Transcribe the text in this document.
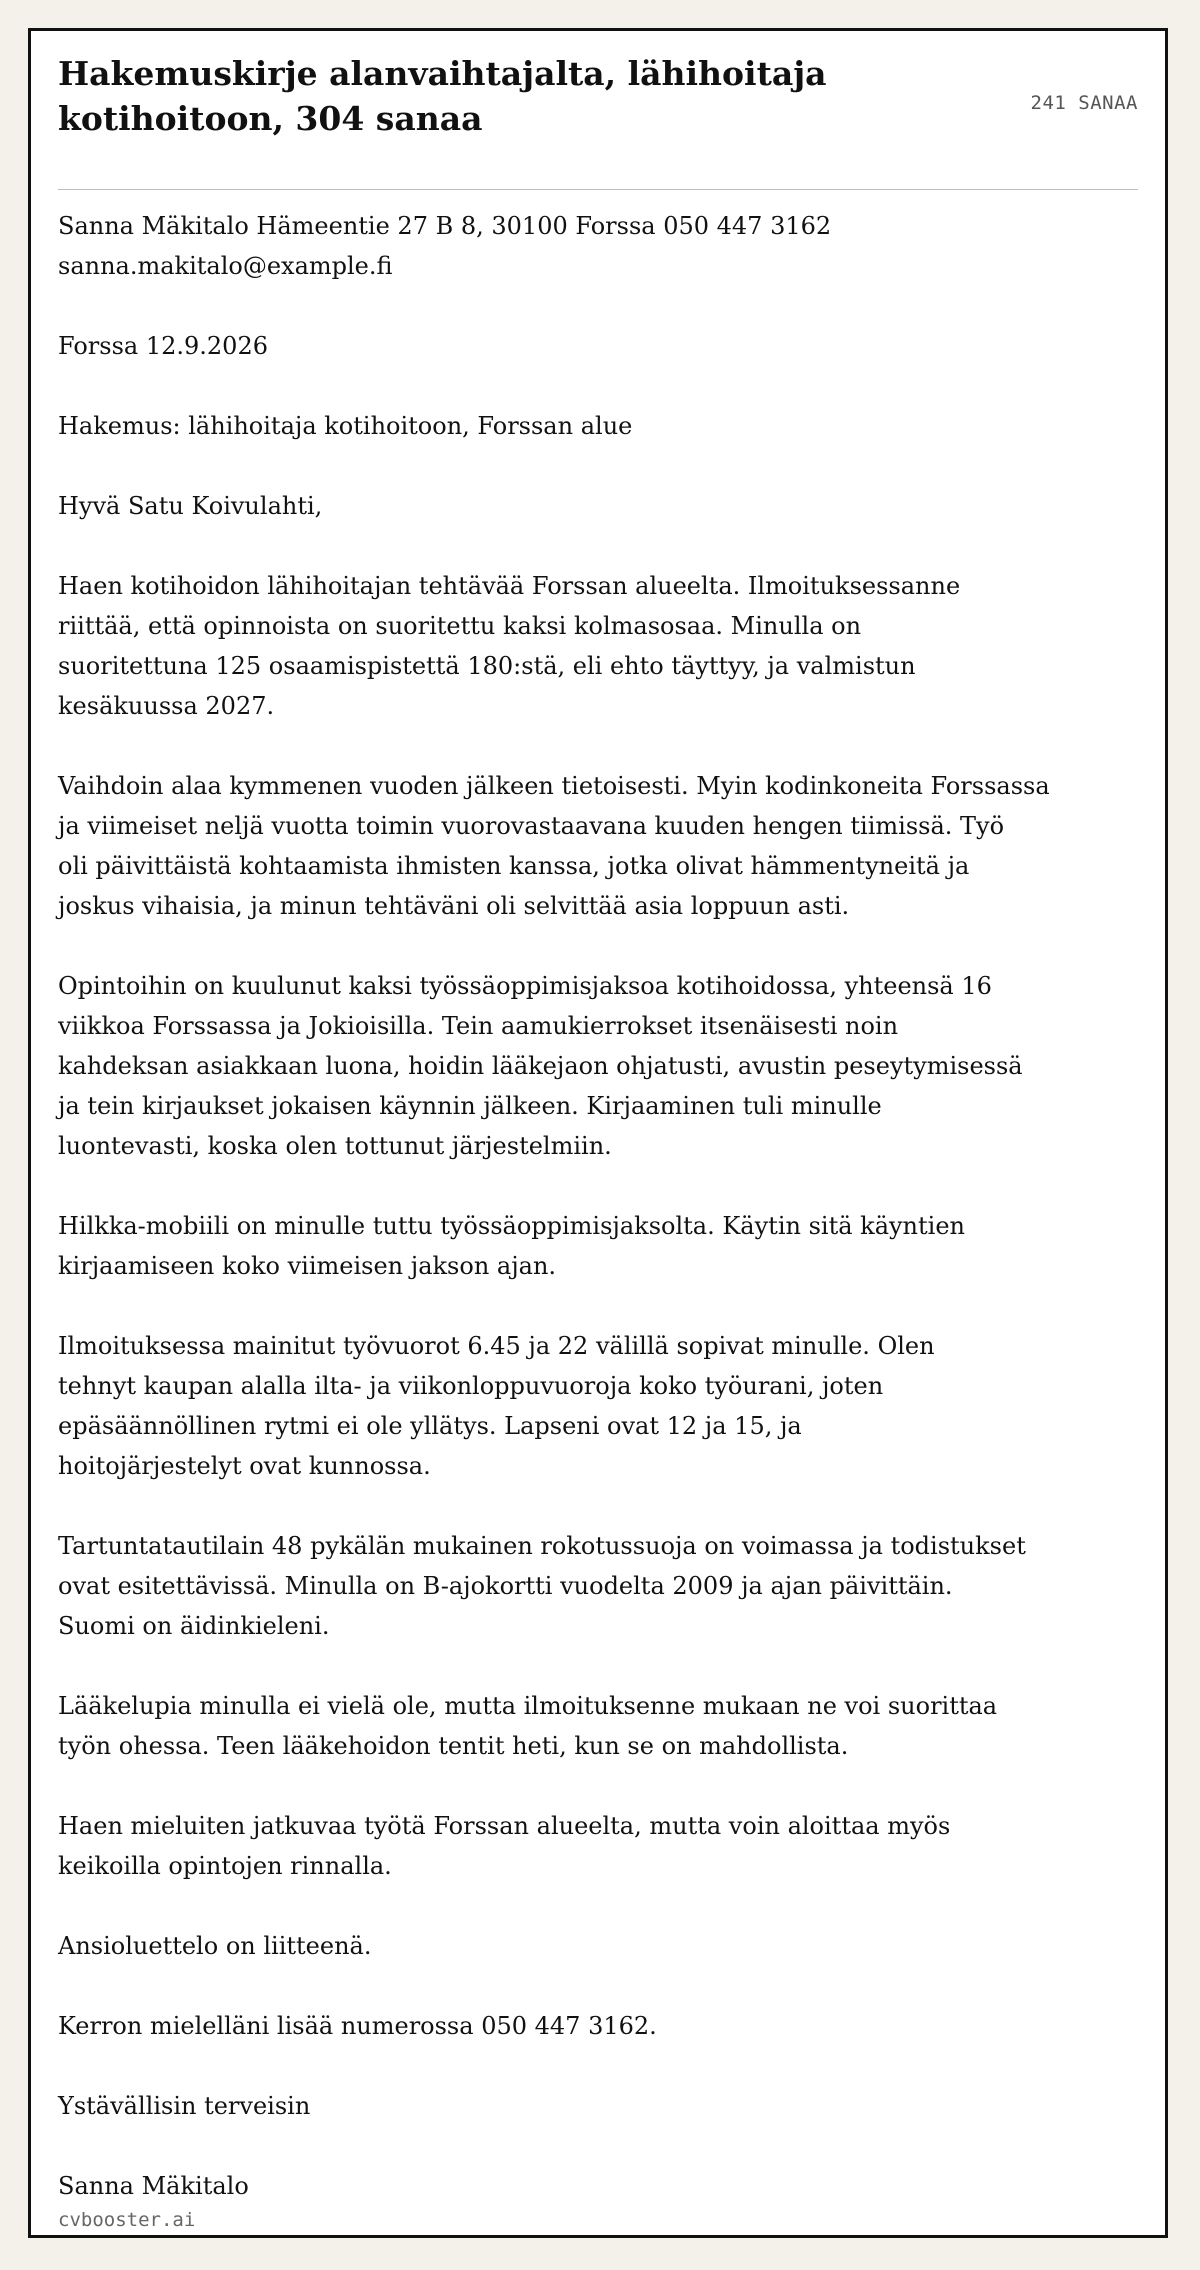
Hakemuskirje alanvaihtajalta, lähihoitaja
kotihoitoon, 304 sanaa	241 SANAA

Sanna Mäkitalo Hämeentie 27 B 8, 30100 Forssa 050 447 3162

sanna.makitalo@example.fi

Forssa 12.9.2026

Hakemus: lähihoitaja kotihoitoon, Forssan alue

Hyvä Satu Koivulahti,

Haen kotihoidon lähihoitajan tehtävää Forssan alueelta. Ilmoituksessanne

riittää, että opinnoista on suoritettu kaksi kolmasosaa. Minulla on

suoritettuna 125 osaamispistettä 180:stä, eli ehto täyttyy, ja valmistun

kesäkuussa 2027.

Vaihdoin alaa kymmenen vuoden jälkeen tietoisesti. Myin kodinkoneita Forssassa

ja viimeiset neljä vuotta toimin vuorovastaavana kuuden hengen tiimissä. Työ

oli päivittäistä kohtaamista ihmisten kanssa, jotka olivat hämmentyneitä ja

joskus vihaisia, ja minun tehtäväni oli selvittää asia loppuun asti.

Opintoihin on kuulunut kaksi työssäoppimisjaksoa kotihoidossa, yhteensä 16

viikkoa Forssassa ja Jokioisilla. Tein aamukierrokset itsenäisesti noin

kahdeksan asiakkaan luona, hoidin lääkejaon ohjatusti, avustin peseytymisessä

ja tein kirjaukset jokaisen käynnin jälkeen. Kirjaaminen tuli minulle

luontevasti, koska olen tottunut järjestelmiin.

Hilkka-mobiili on minulle tuttu työssäoppimisjaksolta. Käytin sitä käyntien

kirjaamiseen koko viimeisen jakson ajan.

Ilmoituksessa mainitut työvuorot 6.45 ja 22 välillä sopivat minulle. Olen

tehnyt kaupan alalla ilta- ja viikonloppuvuoroja koko työurani, joten

epäsäännöllinen rytmi ei ole yllätys. Lapseni ovat 12 ja 15, ja

hoitojärjestelyt ovat kunnossa.

Tartuntatautilain 48 pykälän mukainen rokotussuoja on voimassa ja todistukset

ovat esitettävissä. Minulla on B-ajokortti vuodelta 2009 ja ajan päivittäin.

Suomi on äidinkieleni.

Lääkelupia minulla ei vielä ole, mutta ilmoituksenne mukaan ne voi suorittaa

työn ohessa. Teen lääkehoidon tentit heti, kun se on mahdollista.

Haen mieluiten jatkuvaa työtä Forssan alueelta, mutta voin aloittaa myös

keikoilla opintojen rinnalla.

Ansioluettelo on liitteenä.

Kerron mielelläni lisää numerossa 050 447 3162.

Ystävällisin terveisin

Sanna Mäkitalo

cvbooster.ai
